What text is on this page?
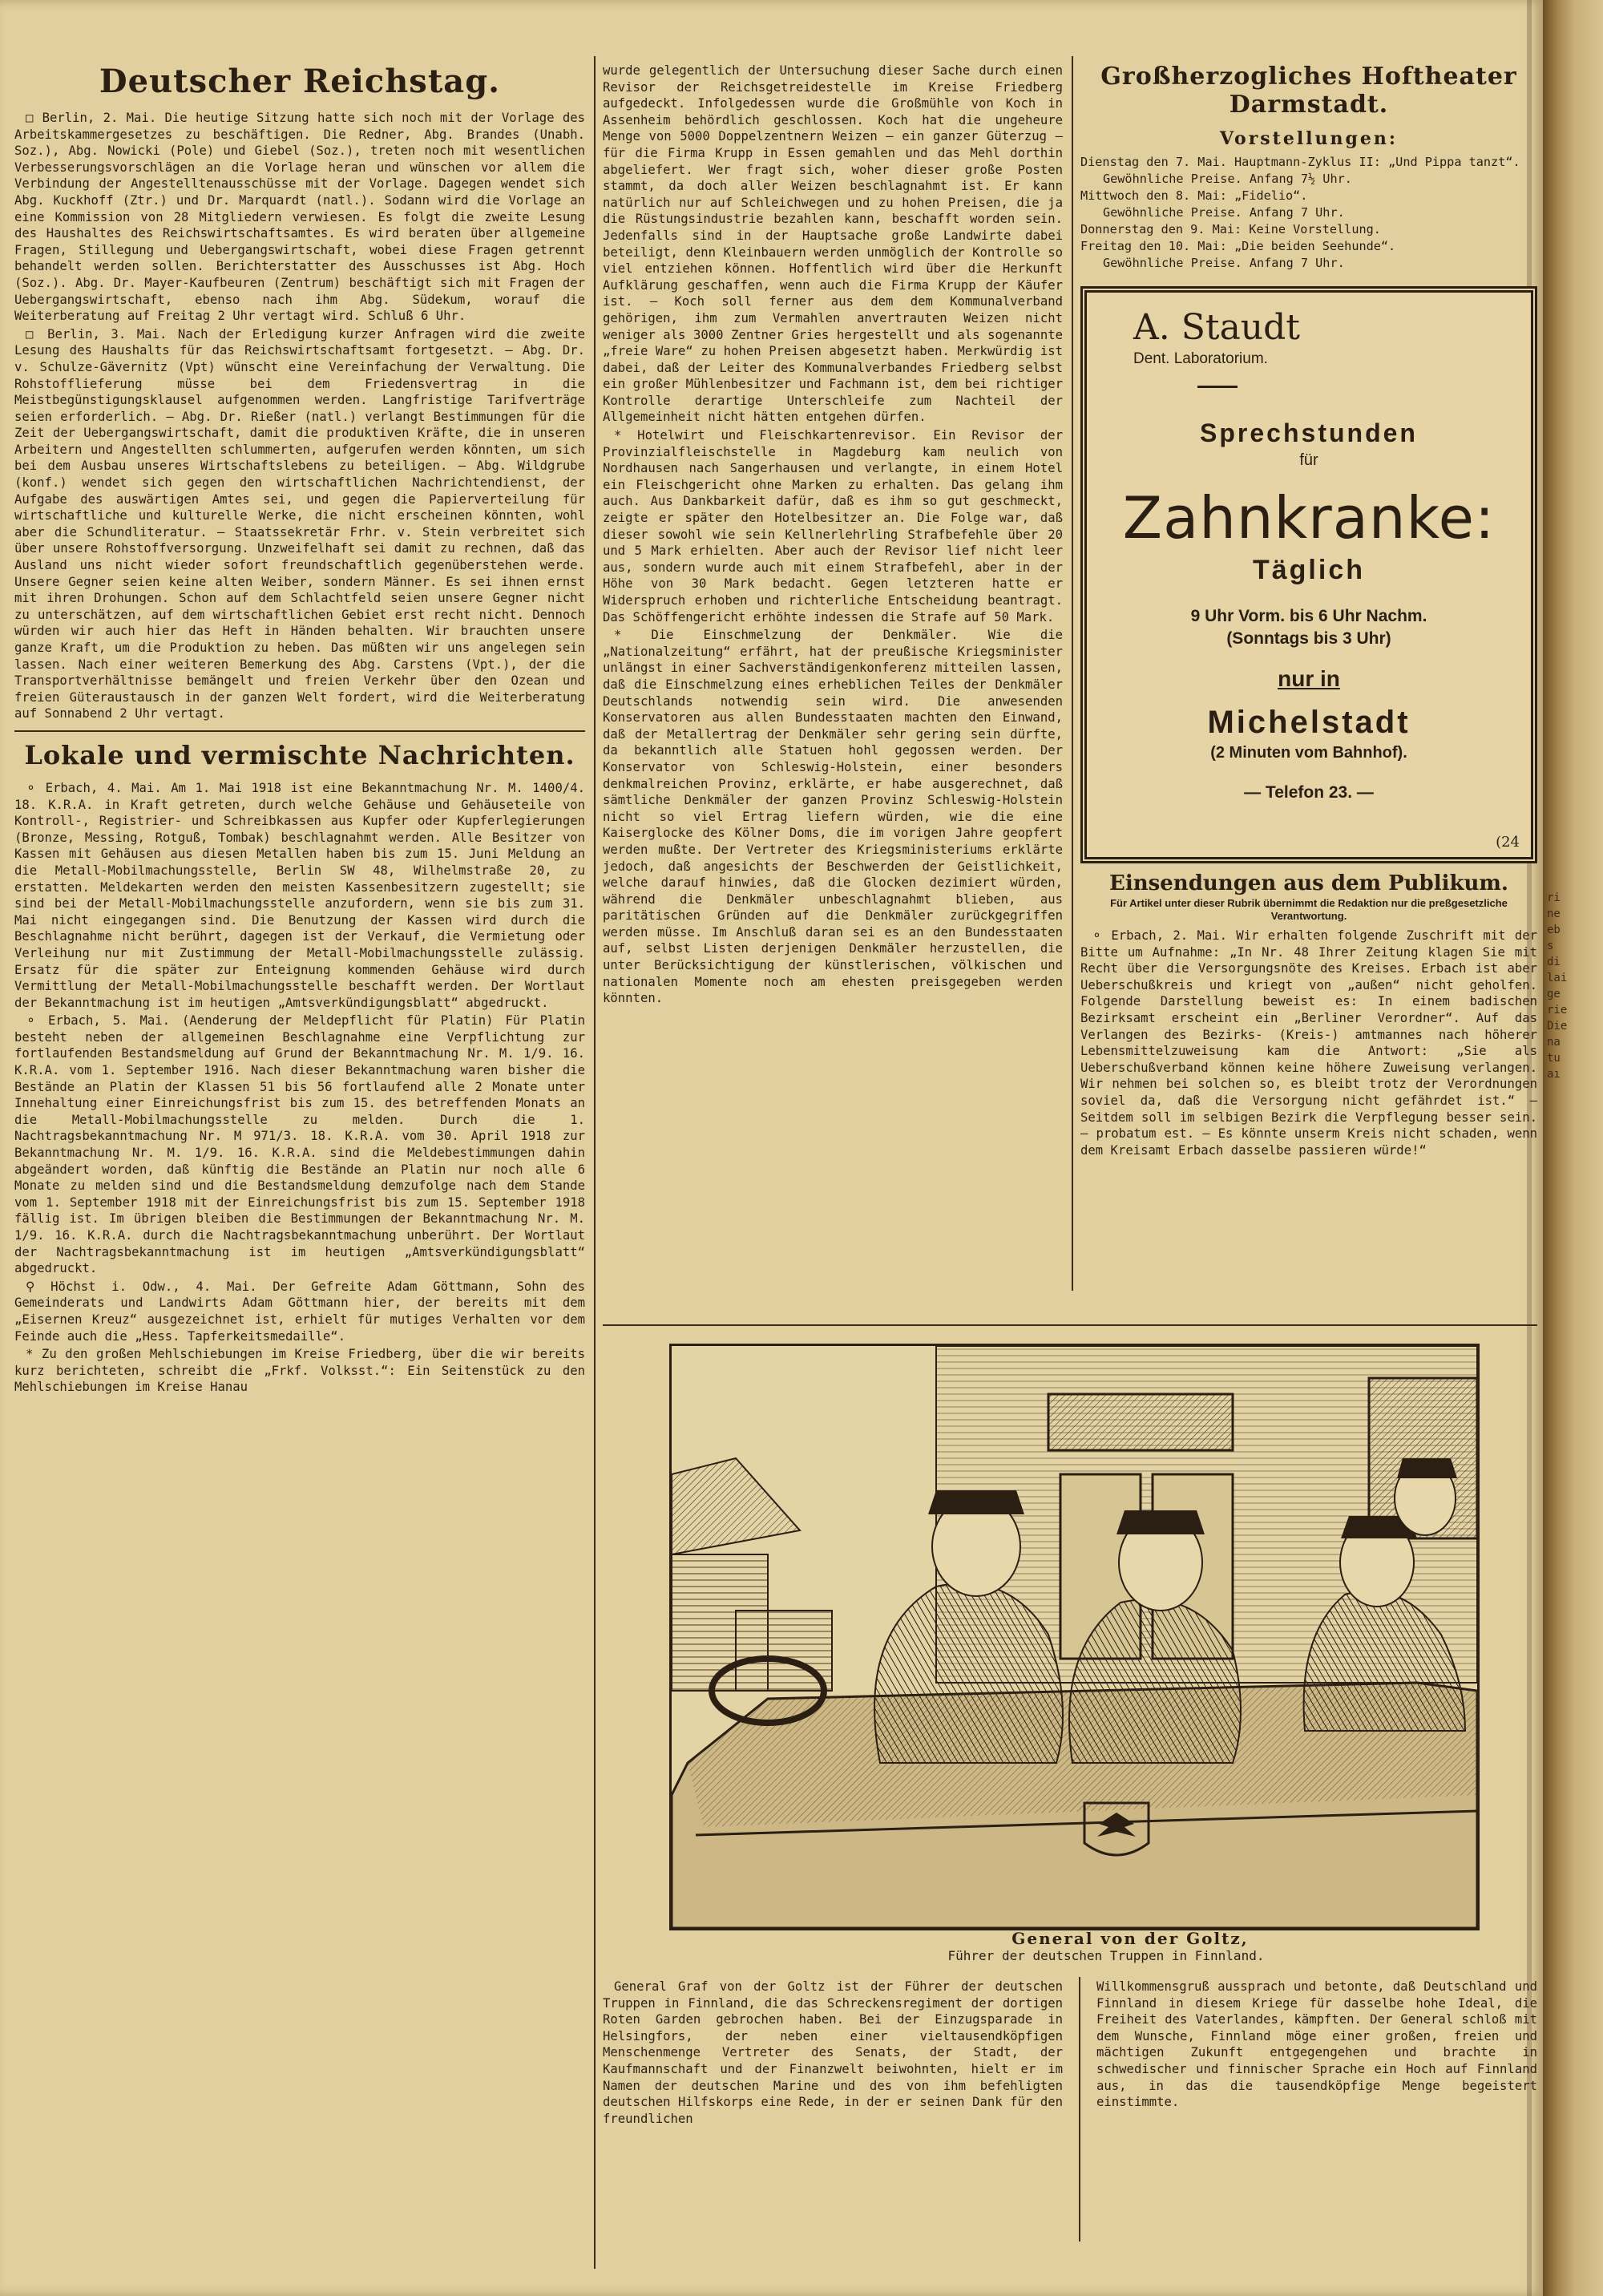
Deutscher Reichstag.

□ Berlin, 2. Mai. Die heutige Sitzung hatte sich noch mit der Vorlage des Arbeitskammergesetzes zu beschäftigen. Die Redner, Abg. Brandes (Unabh. Soz.), Abg. Nowicki (Pole) und Giebel (Soz.), treten noch mit wesentlichen Verbesserungsvorschlägen an die Vorlage heran und wünschen vor allem die Verbindung der Angestelltenausschüsse mit der Vorlage. Dagegen wendet sich Abg. Kuckhoff (Ztr.) und Dr. Marquardt (natl.). Sodann wird die Vorlage an eine Kommission von 28 Mitgliedern verwiesen. Es folgt die zweite Lesung des Haushaltes des Reichswirtschaftsamtes. Es wird beraten über allgemeine Fragen, Stillegung und Uebergangswirtschaft, wobei diese Fragen getrennt behandelt werden sollen. Berichterstatter des Ausschusses ist Abg. Hoch (Soz.). Abg. Dr. Mayer-Kaufbeuren (Zentrum) beschäftigt sich mit Fragen der Uebergangswirtschaft, ebenso nach ihm Abg. Südekum, worauf die Weiterberatung auf Freitag 2 Uhr vertagt wird. Schluß 6 Uhr.

□ Berlin, 3. Mai. Nach der Erledigung kurzer Anfragen wird die zweite Lesung des Haushalts für das Reichswirtschaftsamt fortgesetzt. — Abg. Dr. v. Schulze-Gävernitz (Vpt) wünscht eine Vereinfachung der Verwaltung. Die Rohstofflieferung müsse bei dem Friedensvertrag in die Meistbegünstigungsklausel aufgenommen werden. Langfristige Tarifverträge seien erforderlich. — Abg. Dr. Rießer (natl.) verlangt Bestimmungen für die Zeit der Uebergangswirtschaft, damit die produktiven Kräfte, die in unseren Arbeitern und Angestellten schlummerten, aufgerufen werden könnten, um sich bei dem Ausbau unseres Wirtschaftslebens zu beteiligen. — Abg. Wildgrube (konf.) wendet sich gegen den wirtschaftlichen Nachrichtendienst, der Aufgabe des auswärtigen Amtes sei, und gegen die Papierverteilung für wirtschaftliche und kulturelle Werke, die nicht erscheinen könnten, wohl aber die Schundliteratur. — Staatssekretär Frhr. v. Stein verbreitet sich über unsere Rohstoffversorgung. Unzweifelhaft sei damit zu rechnen, daß das Ausland uns nicht wieder sofort freundschaftlich gegenüberstehen werde. Unsere Gegner seien keine alten Weiber, sondern Männer. Es sei ihnen ernst mit ihren Drohungen. Schon auf dem Schlachtfeld seien unsere Gegner nicht zu unterschätzen, auf dem wirtschaftlichen Gebiet erst recht nicht. Dennoch würden wir auch hier das Heft in Händen behalten. Wir brauchten unsere ganze Kraft, um die Produktion zu heben. Das müßten wir uns angelegen sein lassen. Nach einer weiteren Bemerkung des Abg. Carstens (Vpt.), der die Transportverhältnisse bemängelt und freien Verkehr über den Ozean und freien Güteraustausch in der ganzen Welt fordert, wird die Weiterberatung auf Sonnabend 2 Uhr vertagt.

Lokale und vermischte Nachrichten.

⚬ Erbach, 4. Mai. Am 1. Mai 1918 ist eine Bekanntmachung Nr. M. 1400/4. 18. K.R.A. in Kraft getreten, durch welche Gehäuse und Gehäuseteile von Kontroll-, Registrier- und Schreibkassen aus Kupfer oder Kupferlegierungen (Bronze, Messing, Rotguß, Tombak) beschlagnahmt werden. Alle Besitzer von Kassen mit Gehäusen aus diesen Metallen haben bis zum 15. Juni Meldung an die Metall-Mobilmachungsstelle, Berlin SW 48, Wilhelmstraße 20, zu erstatten. Meldekarten werden den meisten Kassenbesitzern zugestellt; sie sind bei der Metall-Mobilmachungsstelle anzufordern, wenn sie bis zum 31. Mai nicht eingegangen sind. Die Benutzung der Kassen wird durch die Beschlagnahme nicht berührt, dagegen ist der Verkauf, die Vermietung oder Verleihung nur mit Zustimmung der Metall-Mobilmachungsstelle zulässig. Ersatz für die später zur Enteignung kommenden Gehäuse wird durch Vermittlung der Metall-Mobilmachungsstelle beschafft werden. Der Wortlaut der Bekanntmachung ist im heutigen „Amtsverkündigungsblatt“ abgedruckt.

⚬ Erbach, 5. Mai. (Aenderung der Meldepflicht für Platin) Für Platin besteht neben der allgemeinen Beschlagnahme eine Verpflichtung zur fortlaufenden Bestandsmeldung auf Grund der Bekanntmachung Nr. M. 1/9. 16. K.R.A. vom 1. September 1916. Nach dieser Bekanntmachung waren bisher die Bestände an Platin der Klassen 51 bis 56 fortlaufend alle 2 Monate unter Innehaltung einer Einreichungsfrist bis zum 15. des betreffenden Monats an die Metall-Mobilmachungsstelle zu melden. Durch die 1. Nachtragsbekanntmachung Nr. M 971/3. 18. K.R.A. vom 30. April 1918 zur Bekanntmachung Nr. M. 1/9. 16. K.R.A. sind die Meldebestimmungen dahin abgeändert worden, daß künftig die Bestände an Platin nur noch alle 6 Monate zu melden sind und die Bestandsmeldung demzufolge nach dem Stande vom 1. September 1918 mit der Einreichungsfrist bis zum 15. September 1918 fällig ist. Im übrigen bleiben die Bestimmungen der Bekanntmachung Nr. M. 1/9. 16. K.R.A. durch die Nachtragsbekanntmachung unberührt. Der Wortlaut der Nachtragsbekanntmachung ist im heutigen „Amtsverkündigungsblatt“ abgedruckt.

⚲ Höchst i. Odw., 4. Mai. Der Gefreite Adam Göttmann, Sohn des Gemeinderats und Landwirts Adam Göttmann hier, der bereits mit dem „Eisernen Kreuz“ ausgezeichnet ist, erhielt für mutiges Verhalten vor dem Feinde auch die „Hess. Tapferkeitsmedaille“.

* Zu den großen Mehlschiebungen im Kreise Friedberg, über die wir bereits kurz berichteten, schreibt die „Frkf. Volksst.“: Ein Seitenstück zu den Mehlschiebungen im Kreise Hanau

wurde gelegentlich der Untersuchung dieser Sache durch einen Revisor der Reichsgetreidestelle im Kreise Friedberg aufgedeckt. Infolgedessen wurde die Großmühle von Koch in Assenheim behördlich geschlossen. Koch hat die ungeheure Menge von 5000 Doppelzentnern Weizen — ein ganzer Güterzug — für die Firma Krupp in Essen gemahlen und das Mehl dorthin abgeliefert. Wer fragt sich, woher dieser große Posten stammt, da doch aller Weizen beschlagnahmt ist. Er kann natürlich nur auf Schleichwegen und zu hohen Preisen, die ja die Rüstungsindustrie bezahlen kann, beschafft worden sein. Jedenfalls sind in der Hauptsache große Landwirte dabei beteiligt, denn Kleinbauern werden unmöglich der Kontrolle so viel entziehen können. Hoffentlich wird über die Herkunft Aufklärung geschaffen, wenn auch die Firma Krupp der Käufer ist. — Koch soll ferner aus dem dem Kommunalverband gehörigen, ihm zum Vermahlen anvertrauten Weizen nicht weniger als 3000 Zentner Gries hergestellt und als sogenannte „freie Ware“ zu hohen Preisen abgesetzt haben. Merkwürdig ist dabei, daß der Leiter des Kommunalverbandes Friedberg selbst ein großer Mühlenbesitzer und Fachmann ist, dem bei richtiger Kontrolle derartige Unterschleife zum Nachteil der Allgemeinheit nicht hätten entgehen dürfen.

* Hotelwirt und Fleischkartenrevisor. Ein Revisor der Provinzialfleischstelle in Magdeburg kam neulich von Nordhausen nach Sangerhausen und verlangte, in einem Hotel ein Fleischgericht ohne Marken zu erhalten. Das gelang ihm auch. Aus Dankbarkeit dafür, daß es ihm so gut geschmeckt, zeigte er später den Hotelbesitzer an. Die Folge war, daß dieser sowohl wie sein Kellnerlehrling Strafbefehle über 20 und 5 Mark erhielten. Aber auch der Revisor lief nicht leer aus, sondern wurde auch mit einem Strafbefehl, aber in der Höhe von 30 Mark bedacht. Gegen letzteren hatte er Widerspruch erhoben und richterliche Entscheidung beantragt. Das Schöffengericht erhöhte indessen die Strafe auf 50 Mark.

* Die Einschmelzung der Denkmäler. Wie die „Nationalzeitung“ erfährt, hat der preußische Kriegsminister unlängst in einer Sachverständigenkonferenz mitteilen lassen, daß die Einschmelzung eines erheblichen Teiles der Denkmäler Deutschlands notwendig sein wird. Die anwesenden Konservatoren aus allen Bundesstaaten machten den Einwand, daß der Metallertrag der Denkmäler sehr gering sein dürfte, da bekanntlich alle Statuen hohl gegossen werden. Der Konservator von Schleswig-Holstein, einer besonders denkmalreichen Provinz, erklärte, er habe ausgerechnet, daß sämtliche Denkmäler der ganzen Provinz Schleswig-Holstein nicht so viel Ertrag liefern würden, wie die eine Kaiserglocke des Kölner Doms, die im vorigen Jahre geopfert werden mußte. Der Vertreter des Kriegsministeriums erklärte jedoch, daß angesichts der Beschwerden der Geistlichkeit, welche darauf hinwies, daß die Glocken dezimiert würden, während die Denkmäler unbeschlagnahmt blieben, aus paritätischen Gründen auf die Denkmäler zurückgegriffen werden müsse. Im Anschluß daran sei es an den Bundesstaaten auf, selbst Listen derjenigen Denkmäler herzustellen, die unter Berücksichtigung der künstlerischen, völkischen und nationalen Momente noch am ehesten preisgegeben werden könnten.

Großherzogliches Hoftheater Darmstadt.
Vorstellungen:

Dienstag den 7. Mai. Hauptmann-Zyklus II: „Und Pippa tanzt“.

Gewöhnliche Preise. Anfang 7½ Uhr.

Mittwoch den 8. Mai: „Fidelio“.

Gewöhnliche Preise. Anfang 7 Uhr.

Donnerstag den 9. Mai: Keine Vorstellung.

Freitag den 10. Mai: „Die beiden Seehunde“.

Gewöhnliche Preise. Anfang 7 Uhr.

A. Staudt
Dent. Laboratorium.
Sprechstunden
für
Zahnkranke:
Täglich
9 Uhr Vorm. bis 6 Uhr Nachm.
(Sonntags bis 3 Uhr)
nur in
Michelstadt
(2 Minuten vom Bahnhof).
— Telefon 23. —
(24
Einsendungen aus dem Publikum.
Für Artikel unter dieser Rubrik übernimmt die Redaktion nur die preßgesetzliche Verantwortung.

⚬ Erbach, 2. Mai. Wir erhalten folgende Zuschrift mit der Bitte um Aufnahme: „In Nr. 48 Ihrer Zeitung klagen Sie mit Recht über die Versorgungsnöte des Kreises. Erbach ist aber Ueberschußkreis und kriegt von „außen“ nicht geholfen. Folgende Darstellung beweist es: In einem badischen Bezirksamt erscheint ein „Berliner Verordner“. Auf das Verlangen des Bezirks- (Kreis-) amtmannes nach höherer Lebensmittelzuweisung kam die Antwort: „Sie als Ueberschußverband können keine höhere Zuweisung verlangen. Wir nehmen bei solchen so, es bleibt trotz der Verordnungen soviel da, daß die Versorgung nicht gefährdet ist.“ — Seitdem soll im selbigen Bezirk die Verpflegung besser sein. — probatum est. — Es könnte unserm Kreis nicht schaden, wenn dem Kreisamt Erbach dasselbe passieren würde!“

General von der Goltz,
Führer der deutschen Truppen in Finnland.

General Graf von der Goltz ist der Führer der deutschen Truppen in Finnland, die das Schreckensregiment der dortigen Roten Garden gebrochen haben. Bei der Einzugsparade in Helsingfors, der neben einer vieltausendköpfigen Menschenmenge Vertreter des Senats, der Stadt, der Kaufmannschaft und der Finanzwelt beiwohnten, hielt er im Namen der deutschen Marine und des von ihm befehligten deutschen Hilfskorps eine Rede, in der er seinen Dank für den freundlichen

Willkommensgruß aussprach und betonte, daß Deutschland und Finnland in diesem Kriege für dasselbe hohe Ideal, die Freiheit des Vaterlandes, kämpften. Der General schloß mit dem Wunsche, Finnland möge einer großen, freien und mächtigen Zukunft entgegengehen und brachte in schwedischer und finnischer Sprache ein Hoch auf Finnland aus, in das die tausendköpfige Menge begeistert einstimmte.

ri
ne
eb
s
di
lai
ge
rie
Die
na
tu
aı
